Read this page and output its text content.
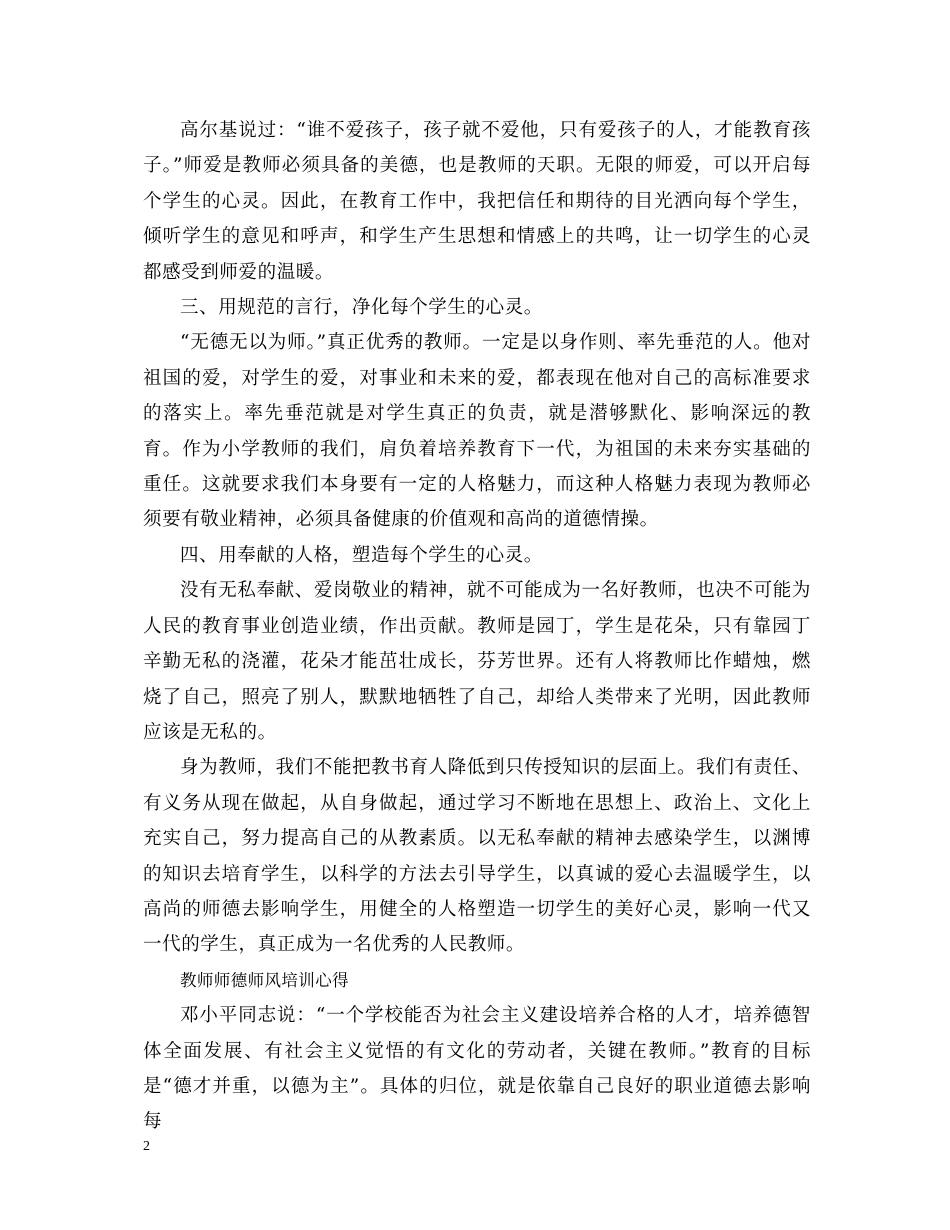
高尔基说过：“谁不爱孩子，孩子就不爱他，只有爱孩子的人，才能教育孩子。”师爱是教师必须具备的美德，也是教师的天职。无限的师爱，可以开启每个学生的心灵。因此，在教育工作中，我把信任和期待的目光洒向每个学生，倾听学生的意见和呼声，和学生产生思想和情感上的共鸣，让一切学生的心灵都感受到师爱的温暖。

三、用规范的言行，净化每个学生的心灵。

“无德无以为师。”真正优秀的教师。一定是以身作则、率先垂范的人。他对祖国的爱，对学生的爱，对事业和未来的爱，都表现在他对自己的高标准要求的落实上。率先垂范就是对学生真正的负责，就是潜够默化、影响深远的教育。作为小学教师的我们，肩负着培养教育下一代，为祖国的未来夯实基础的重任。这就要求我们本身要有一定的人格魅力，而这种人格魅力表现为教师必须要有敬业精神，必须具备健康的价值观和高尚的道德情操。

四、用奉献的人格，塑造每个学生的心灵。

没有无私奉献、爱岗敬业的精神，就不可能成为一名好教师，也决不可能为人民的教育事业创造业绩，作出贡献。教师是园丁，学生是花朵，只有靠园丁辛勤无私的浇灌，花朵才能茁壮成长，芬芳世界。还有人将教师比作蜡烛，燃烧了自己，照亮了别人，默默地牺牲了自己，却给人类带来了光明，因此教师应该是无私的。

身为教师，我们不能把教书育人降低到只传授知识的层面上。我们有责任、有义务从现在做起，从自身做起，通过学习不断地在思想上、政治上、文化上充实自己，努力提高自己的从教素质。以无私奉献的精神去感染学生，以渊博的知识去培育学生，以科学的方法去引导学生，以真诚的爱心去温暖学生，以高尚的师德去影响学生，用健全的人格塑造一切学生的美好心灵，影响一代又一代的学生，真正成为一名优秀的人民教师。

教师师德师风培训心得

邓小平同志说：“一个学校能否为社会主义建设培养合格的人才，培养德智体全面发展、有社会主义觉悟的有文化的劳动者，关键在教师。”教育的目标是“德才并重，以德为主”。具体的归位，就是依靠自己良好的职业道德去影响每

2
